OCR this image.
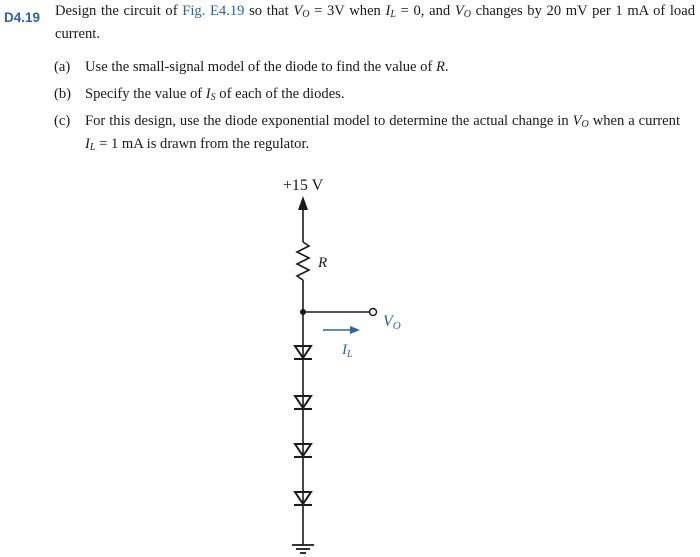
D4.19 Design the circuit of Fig. E4.19 so that $V_O = 3V$ when $I_L = 0$, and $V_O$ changes by 20 mV per 1 mA of load current.
(a) Use the small-signal model of the diode to find the value of R.
(b) Specify the value of $I_S$ of each of the diodes.
(c) For this design, use the diode exponential model to determine the actual change in $V_O$ when a current $I_L = 1$ mA is drawn from the regulator.
+15 V
R
VO
$I_L$
